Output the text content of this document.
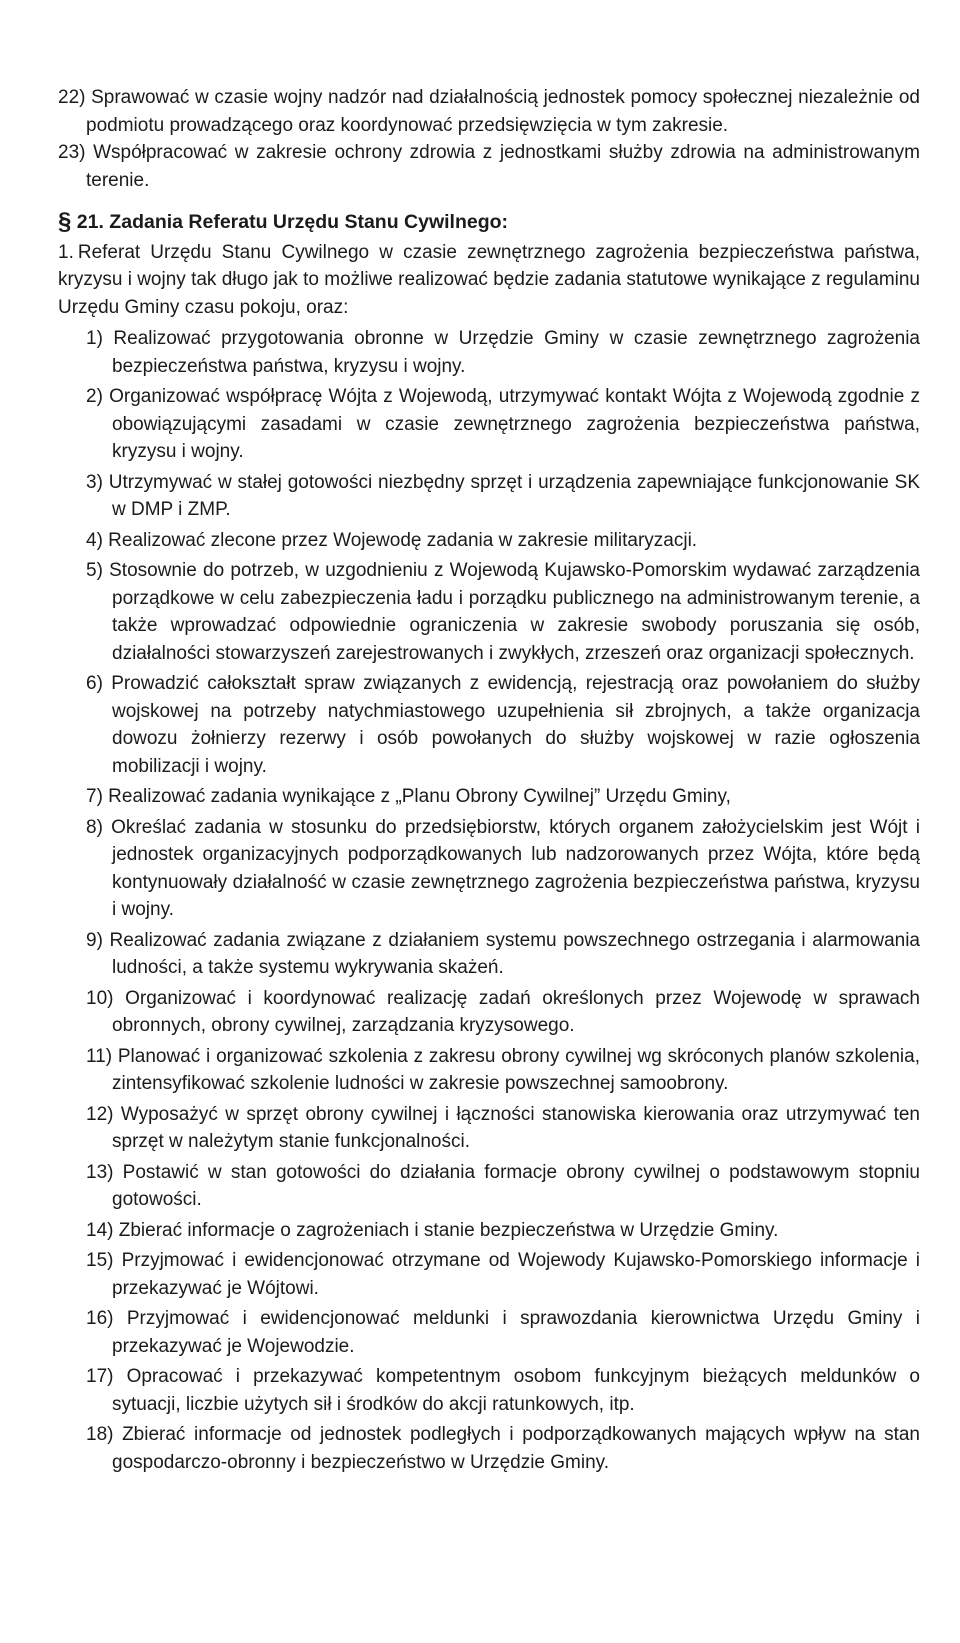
22) Sprawować w czasie wojny nadzór nad działalnością jednostek pomocy społecznej niezależnie od podmiotu prowadzącego oraz koordynować przedsięwzięcia w tym zakresie.

23) Współpracować w zakresie ochrony zdrowia z jednostkami służby zdrowia na administrowanym terenie.

§ 21. Zadania Referatu Urzędu Stanu Cywilnego:

1. Referat Urzędu Stanu Cywilnego w czasie zewnętrznego zagrożenia bezpieczeństwa państwa, kryzysu i wojny tak długo jak to możliwe realizować będzie zadania statutowe wynikające z regulaminu Urzędu Gminy czasu pokoju, oraz:

1) Realizować przygotowania obronne w Urzędzie Gminy w czasie zewnętrznego zagrożenia bezpieczeństwa państwa, kryzysu i wojny.
2) Organizować współpracę Wójta z Wojewodą, utrzymywać kontakt Wójta z Wojewodą zgodnie z obowiązującymi zasadami w czasie zewnętrznego zagrożenia bezpieczeństwa państwa, kryzysu i wojny.
3) Utrzymywać w stałej gotowości niezbędny sprzęt i urządzenia zapewniające funkcjonowanie SK w DMP i ZMP.
4) Realizować zlecone przez Wojewodę zadania w zakresie militaryzacji.
5) Stosownie do potrzeb, w uzgodnieniu z Wojewodą Kujawsko-Pomorskim wydawać zarządzenia porządkowe w celu zabezpieczenia ładu i porządku publicznego na administrowanym terenie, a także wprowadzać odpowiednie ograniczenia w zakresie swobody poruszania się osób, działalności stowarzyszeń zarejestrowanych i zwykłych, zrzeszeń oraz organizacji społecznych.
6) Prowadzić całokształt spraw związanych z ewidencją, rejestracją oraz powołaniem do służby wojskowej na potrzeby natychmiastowego uzupełnienia sił zbrojnych, a także organizacja dowozu żołnierzy rezerwy i osób powołanych do służby wojskowej w razie ogłoszenia mobilizacji i wojny.
7) Realizować zadania wynikające z „Planu Obrony Cywilnej” Urzędu Gminy,
8) Określać zadania w stosunku do przedsiębiorstw, których organem założycielskim jest Wójt i jednostek organizacyjnych podporządkowanych lub nadzorowanych przez Wójta, które będą kontynuowały działalność w czasie zewnętrznego zagrożenia bezpieczeństwa państwa, kryzysu i wojny.
9) Realizować zadania związane z działaniem systemu powszechnego ostrzegania i alarmowania ludności, a także systemu wykrywania skażeń.
10) Organizować i koordynować realizację zadań określonych przez Wojewodę w sprawach obronnych, obrony cywilnej, zarządzania kryzysowego.
11) Planować i organizować szkolenia z zakresu obrony cywilnej wg skróconych planów szkolenia, zintensyfikować szkolenie ludności w zakresie powszechnej samoobrony.
12) Wyposażyć w sprzęt obrony cywilnej i łączności stanowiska kierowania oraz utrzymywać ten sprzęt w należytym stanie funkcjonalności.
13) Postawić w stan gotowości do działania formacje obrony cywilnej o podstawowym stopniu gotowości.
14) Zbierać informacje o zagrożeniach i stanie bezpieczeństwa w Urzędzie Gminy.
15) Przyjmować i ewidencjonować otrzymane od Wojewody Kujawsko-Pomorskiego informacje i przekazywać je Wójtowi.
16) Przyjmować i ewidencjonować meldunki i sprawozdania kierownictwa Urzędu Gminy i przekazywać je Wojewodzie.
17) Opracować i przekazywać kompetentnym osobom funkcyjnym bieżących meldunków o sytuacji, liczbie użytych sił i środków do akcji ratunkowych, itp.
18) Zbierać informacje od jednostek podległych i podporządkowanych mających wpływ na stan gospodarczo-obronny i bezpieczeństwo w Urzędzie Gminy.
